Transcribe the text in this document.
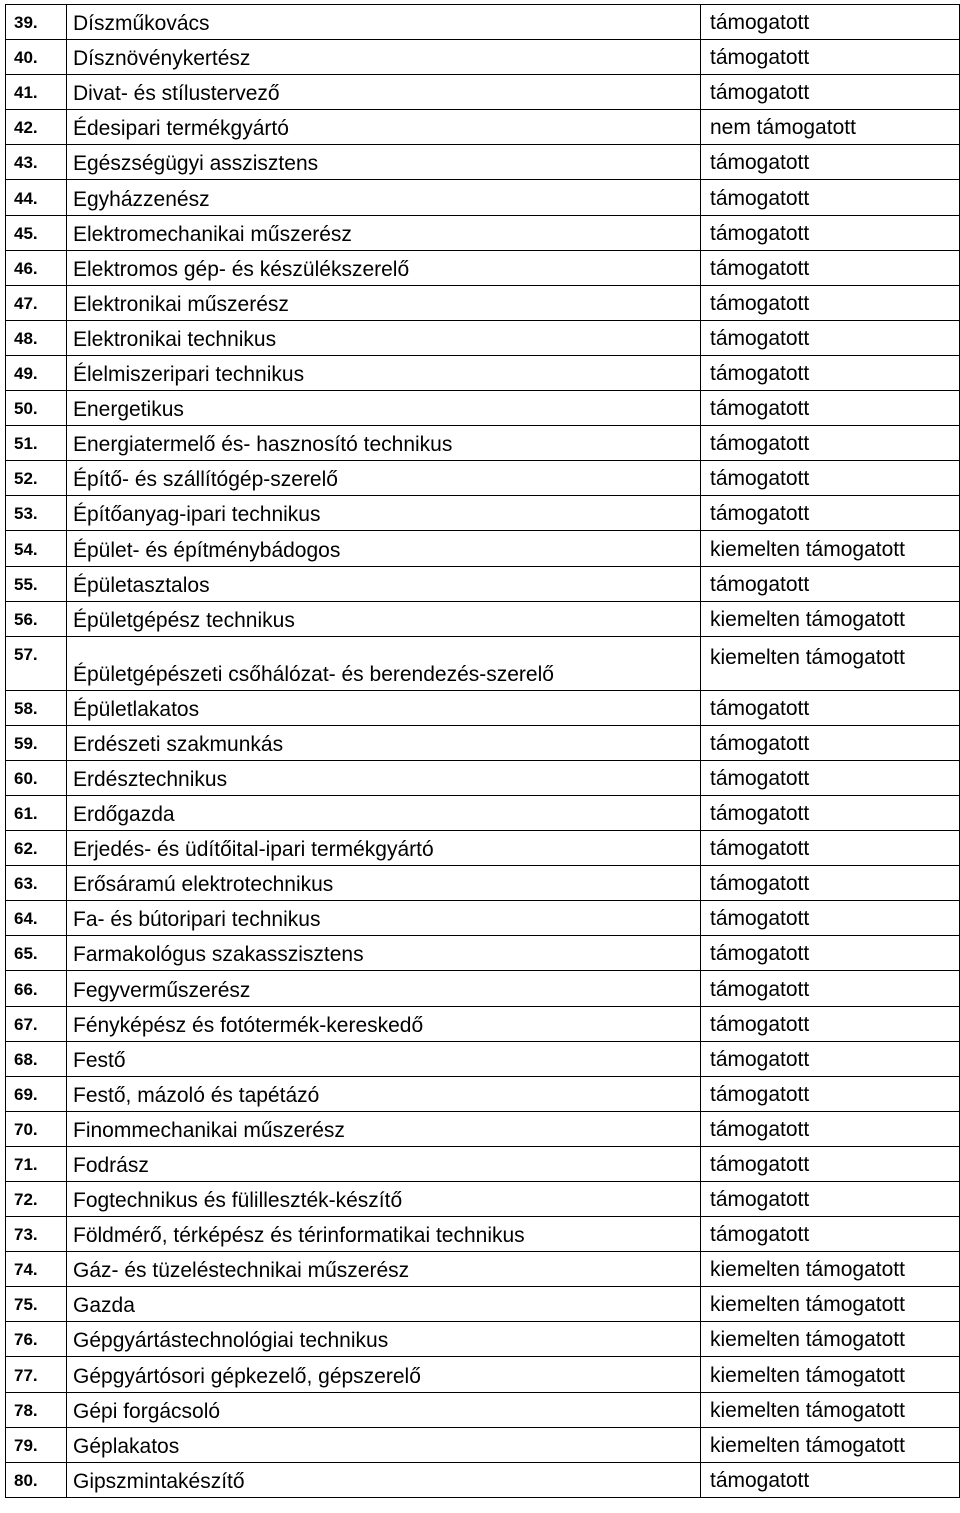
39.	Díszműkovács	támogatott
40.	Dísznövénykertész	támogatott
41.	Divat- és stílustervező	támogatott
42.	Édesipari termékgyártó	nem támogatott
43.	Egészségügyi asszisztens	támogatott
44.	Egyházzenész	támogatott
45.	Elektromechanikai műszerész	támogatott
46.	Elektromos gép- és készülékszerelő	támogatott
47.	Elektronikai műszerész	támogatott
48.	Elektronikai technikus	támogatott
49.	Élelmiszeripari technikus	támogatott
50.	Energetikus	támogatott
51.	Energiatermelő és- hasznosító technikus	támogatott
52.	Építő- és szállítógép-szerelő	támogatott
53.	Építőanyag-ipari technikus	támogatott
54.	Épület- és építménybádogos	kiemelten támogatott
55.	Épületasztalos	támogatott
56.	Épületgépész technikus	kiemelten támogatott
57.	Épületgépészeti csőhálózat- és berendezés-szerelő	kiemelten támogatott
58.	Épületlakatos	támogatott
59.	Erdészeti szakmunkás	támogatott
60.	Erdésztechnikus	támogatott
61.	Erdőgazda	támogatott
62.	Erjedés- és üdítőital-ipari termékgyártó	támogatott
63.	Erősáramú elektrotechnikus	támogatott
64.	Fa- és bútoripari technikus	támogatott
65.	Farmakológus szakasszisztens	támogatott
66.	Fegyverműszerész	támogatott
67.	Fényképész és fotótermék-kereskedő	támogatott
68.	Festő	támogatott
69.	Festő, mázoló és tapétázó	támogatott
70.	Finommechanikai műszerész	támogatott
71.	Fodrász	támogatott
72.	Fogtechnikus és fülilleszték-készítő	támogatott
73.	Földmérő, térképész és térinformatikai technikus	támogatott
74.	Gáz- és tüzeléstechnikai műszerész	kiemelten támogatott
75.	Gazda	kiemelten támogatott
76.	Gépgyártástechnológiai technikus	kiemelten támogatott
77.	Gépgyártósori gépkezelő, gépszerelő	kiemelten támogatott
78.	Gépi forgácsoló	kiemelten támogatott
79.	Géplakatos	kiemelten támogatott
80.	Gipszmintakészítő	támogatott
